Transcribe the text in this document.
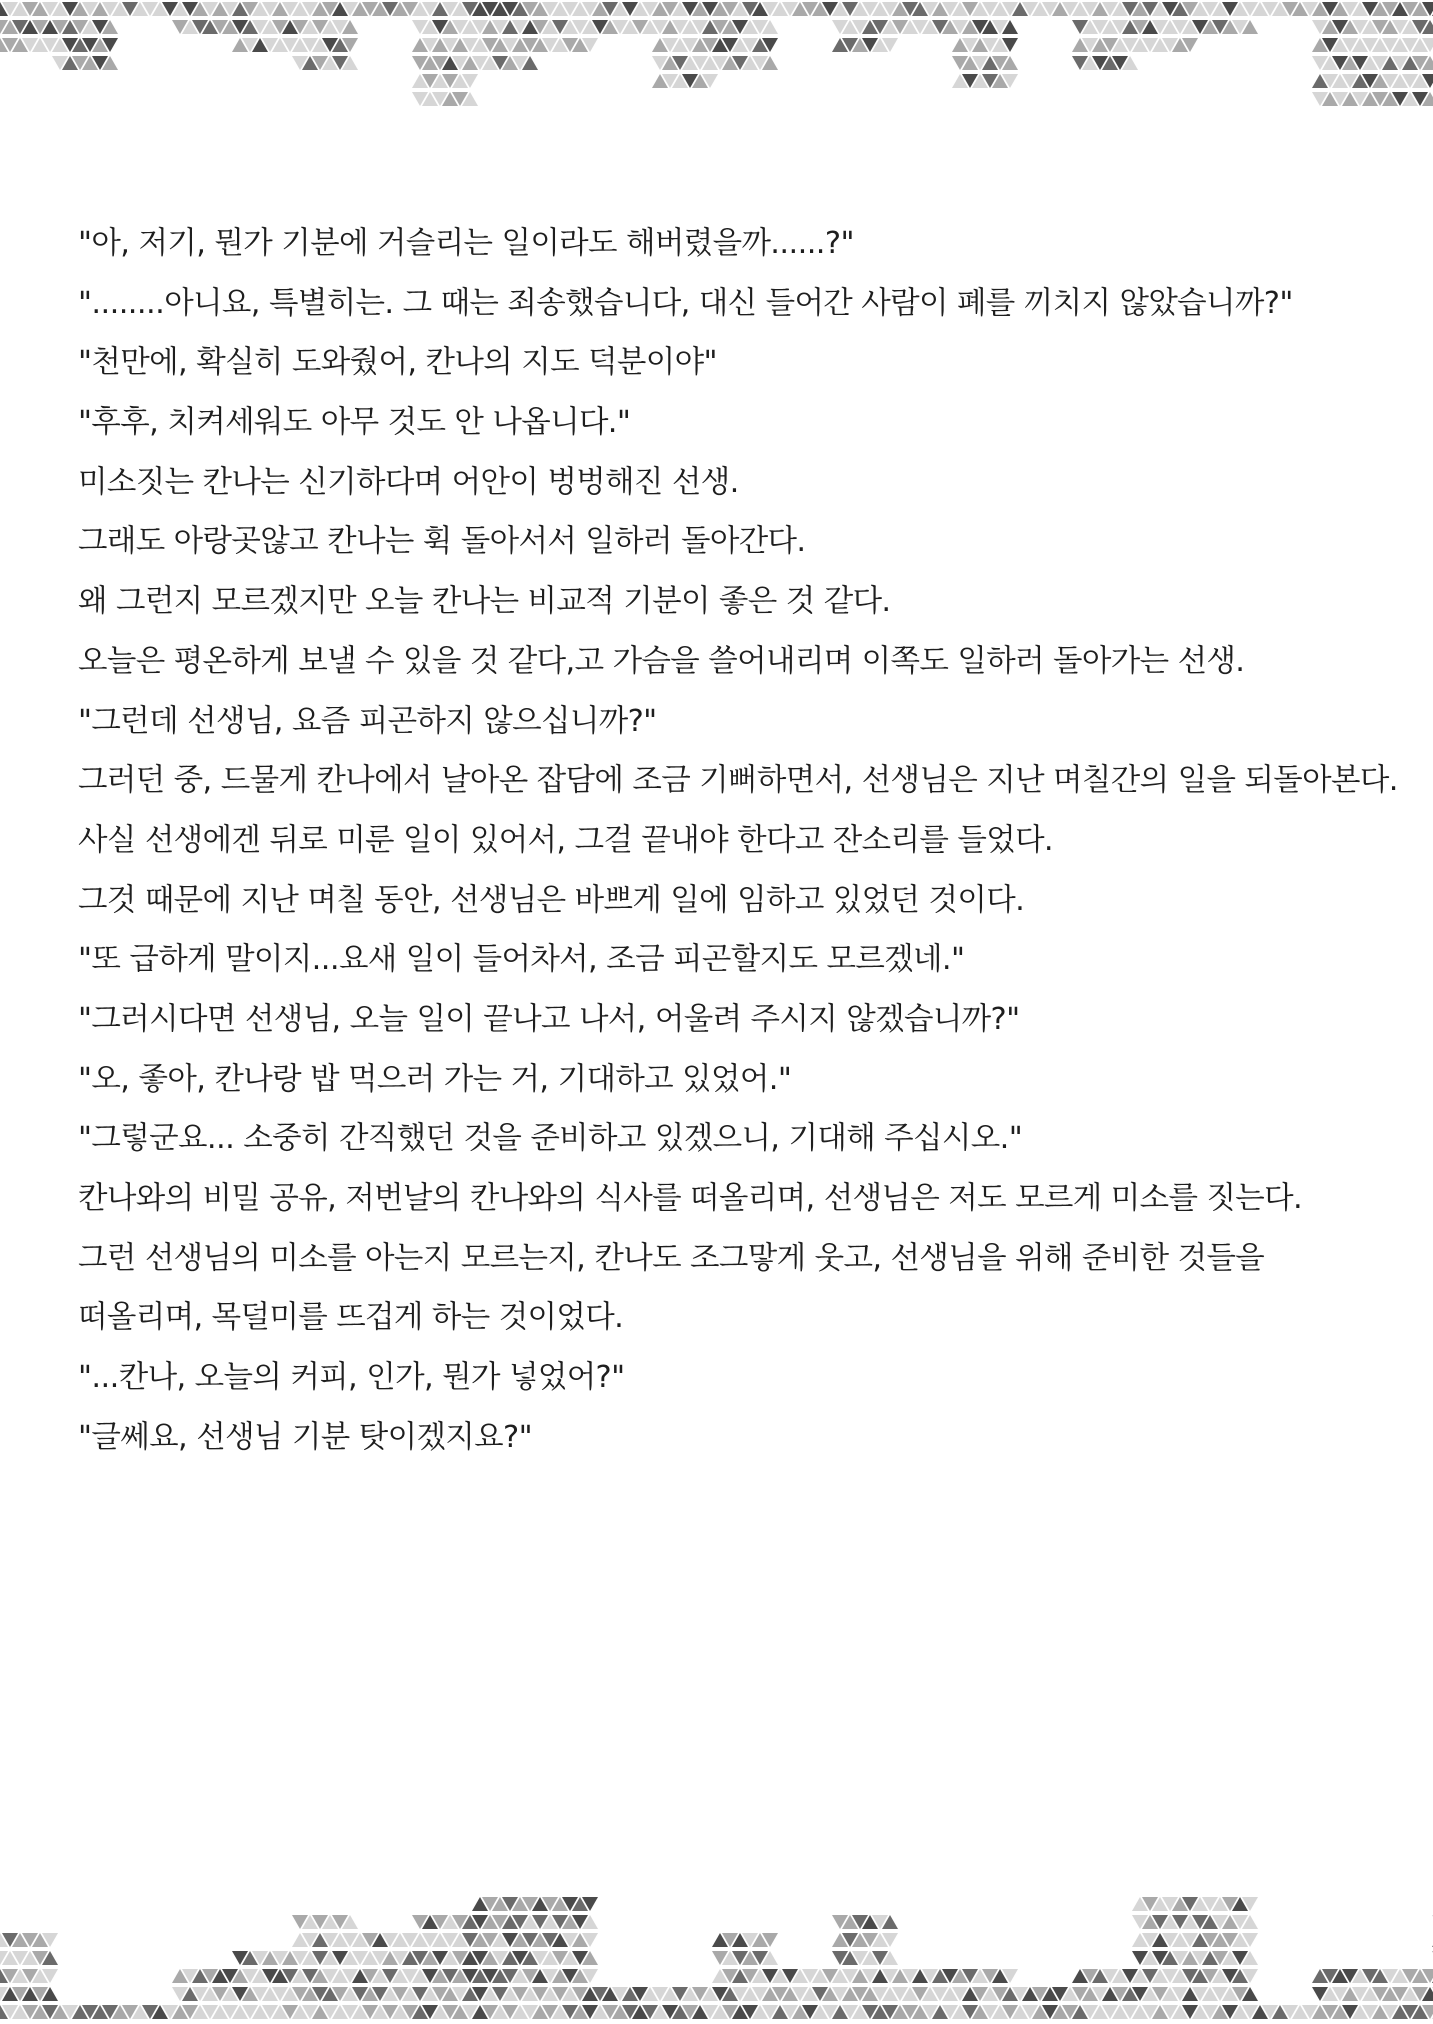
"아, 저기, 뭔가 기분에 거슬리는 일이라도 해버렸을까......?"

"........아니요, 특별히는. 그 때는 죄송했습니다, 대신 들어간 사람이 폐를 끼치지 않았습니까?"

"천만에, 확실히 도와줬어, 칸나의 지도 덕분이야"

"후후, 치켜세워도 아무 것도 안 나옵니다."

미소짓는 칸나는 신기하다며 어안이 벙벙해진 선생.

그래도 아랑곳않고 칸나는 휙 돌아서서 일하러 돌아간다.

왜 그런지 모르겠지만 오늘 칸나는 비교적 기분이 좋은 것 같다.

오늘은 평온하게 보낼 수 있을 것 같다,고 가슴을 쓸어내리며 이쪽도 일하러 돌아가는 선생.

"그런데 선생님, 요즘 피곤하지 않으십니까?"

그러던 중, 드물게 칸나에서 날아온 잡담에 조금 기뻐하면서, 선생님은 지난 며칠간의 일을 되돌아본다.

사실 선생에겐 뒤로 미룬 일이 있어서, 그걸 끝내야 한다고 잔소리를 들었다.

그것 때문에 지난 며칠 동안, 선생님은 바쁘게 일에 임하고 있었던 것이다.

"또 급하게 말이지...요새 일이 들어차서, 조금 피곤할지도 모르겠네."

"그러시다면 선생님, 오늘 일이 끝나고 나서, 어울려 주시지 않겠습니까?"

"오, 좋아, 칸나랑 밥 먹으러 가는 거, 기대하고 있었어."

"그렇군요... 소중히 간직했던 것을 준비하고 있겠으니, 기대해 주십시오."

칸나와의 비밀 공유, 저번날의 칸나와의 식사를 떠올리며, 선생님은 저도 모르게 미소를 짓는다.

그런 선생님의 미소를 아는지 모르는지, 칸나도 조그맣게 웃고, 선생님을 위해 준비한 것들을

떠올리며, 목덜미를 뜨겁게 하는 것이었다.

"...칸나, 오늘의 커피, 인가, 뭔가 넣었어?"

"글쎄요, 선생님 기분 탓이겠지요?"
